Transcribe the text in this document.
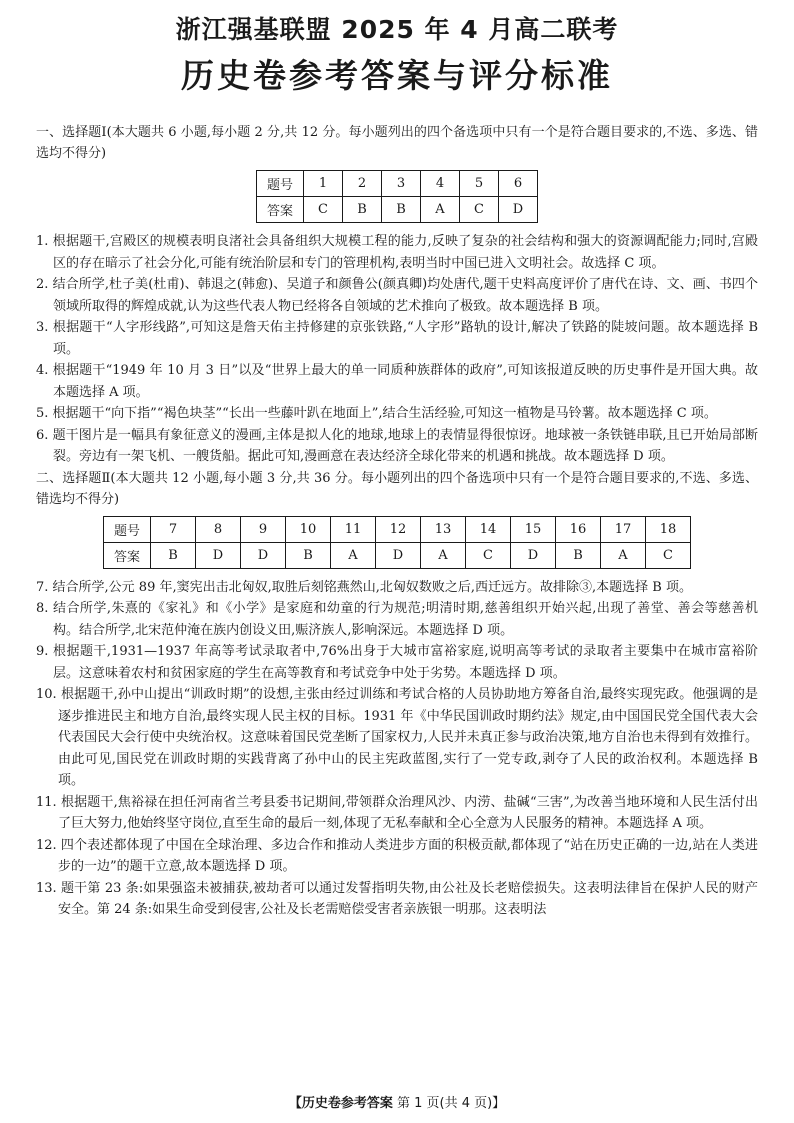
浙江强基联盟 2025 年 4 月高二联考
历史卷参考答案与评分标准
一、选择题Ⅰ(本大题共 6 小题,每小题 2 分,共 12 分。每小题列出的四个备选项中只有一个是符合题目要求的,不选、多选、错选均不得分)
题号	1	2	3	4	5	6
答案	C	B	B	A	C	D
1. 根据题干,宫殿区的规模表明良渚社会具备组织大规模工程的能力,反映了复杂的社会结构和强大的资源调配能力;同时,宫殿区的存在暗示了社会分化,可能有统治阶层和专门的管理机构,表明当时中国已进入文明社会。故选择 C 项。
2. 结合所学,杜子美(杜甫)、韩退之(韩愈)、吴道子和颜鲁公(颜真卿)均处唐代,题干史料高度评价了唐代在诗、文、画、书四个领域所取得的辉煌成就,认为这些代表人物已经将各自领域的艺术推向了极致。故本题选择 B 项。
3. 根据题干“人字形线路”,可知这是詹天佑主持修建的京张铁路,“人字形”路轨的设计,解决了铁路的陡坡问题。故本题选择 B 项。
4. 根据题干“1949 年 10 月 3 日”以及“世界上最大的单一同质种族群体的政府”,可知该报道反映的历史事件是开国大典。故本题选择 A 项。
5. 根据题干“向下指”“褐色块茎”“长出一些藤叶趴在地面上”,结合生活经验,可知这一植物是马铃薯。故本题选择 C 项。
6. 题干图片是一幅具有象征意义的漫画,主体是拟人化的地球,地球上的表情显得很惊讶。地球被一条铁链串联,且已开始局部断裂。旁边有一架飞机、一艘货船。据此可知,漫画意在表达经济全球化带来的机遇和挑战。故本题选择 D 项。
二、选择题Ⅱ(本大题共 12 小题,每小题 3 分,共 36 分。每小题列出的四个备选项中只有一个是符合题目要求的,不选、多选、错选均不得分)
题号	7	8	9	10	11	12	13	14	15	16	17	18
答案	B	D	D	B	A	D	A	C	D	B	A	C
7. 结合所学,公元 89 年,窦宪出击北匈奴,取胜后刻铭燕然山,北匈奴数败之后,西迁远方。故排除③,本题选择 B 项。
8. 结合所学,朱熹的《家礼》和《小学》是家庭和幼童的行为规范;明清时期,慈善组织开始兴起,出现了善堂、善会等慈善机构。结合所学,北宋范仲淹在族内创设义田,赈济族人,影响深远。本题选择 D 项。
9. 根据题干,1931—1937 年高等考试录取者中,76%出身于大城市富裕家庭,说明高等考试的录取者主要集中在城市富裕阶层。这意味着农村和贫困家庭的学生在高等教育和考试竞争中处于劣势。本题选择 D 项。
10. 根据题干,孙中山提出“训政时期”的设想,主张由经过训练和考试合格的人员协助地方筹备自治,最终实现宪政。他强调的是逐步推进民主和地方自治,最终实现人民主权的目标。1931 年《中华民国训政时期约法》规定,由中国国民党全国代表大会代表国民大会行使中央统治权。这意味着国民党垄断了国家权力,人民并未真正参与政治决策,地方自治也未得到有效推行。由此可见,国民党在训政时期的实践背离了孙中山的民主宪政蓝图,实行了一党专政,剥夺了人民的政治权利。本题选择 B 项。
11. 根据题干,焦裕禄在担任河南省兰考县委书记期间,带领群众治理风沙、内涝、盐碱“三害”,为改善当地环境和人民生活付出了巨大努力,他始终坚守岗位,直至生命的最后一刻,体现了无私奉献和全心全意为人民服务的精神。本题选择 A 项。
12. 四个表述都体现了中国在全球治理、多边合作和推动人类进步方面的积极贡献,都体现了“站在历史正确的一边,站在人类进步的一边”的题干立意,故本题选择 D 项。
13. 题干第 23 条:如果强盗未被捕获,被劫者可以通过发誓指明失物,由公社及长老赔偿损失。这表明法律旨在保护人民的财产安全。第 24 条:如果生命受到侵害,公社及长老需赔偿受害者亲族银一明那。这表明法
【历史卷参考答案 第 1 页(共 4 页)】
